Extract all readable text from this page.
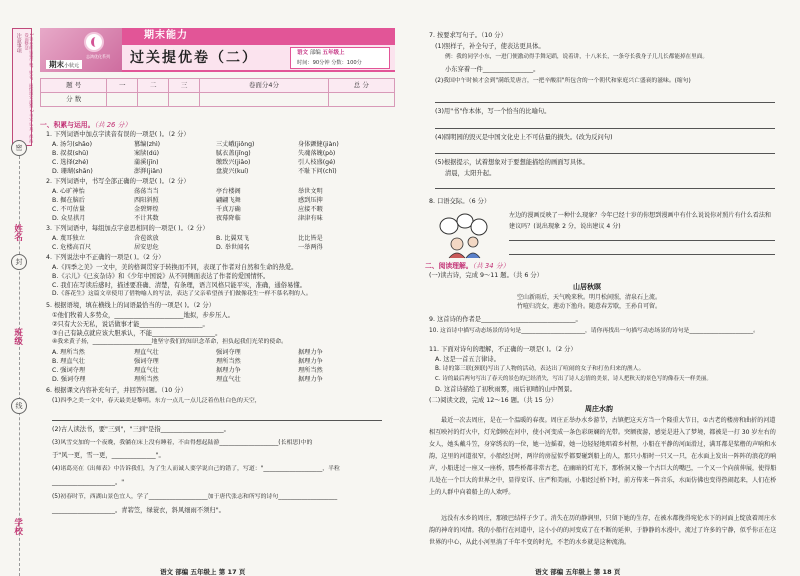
注意事项	1.答卷前请将学校、姓名、班级填写清楚 2.书写认真，保持卷面整洁
密
姓名
封
班级
线
学校
志鸿优化系列
期末能力
期末小状元	过关提优卷（二）	语文 部编 五年级上
时间：90分钟 分数：100分
题 号	一	二	三	卷面分4分	总 分
分 数					
一、积累与运用。（共 26 分）
1. 下列词语中加点字读音有误的一项是( )。（2 分）
A. 汤匀(shāo)	篡编(zhì)	三丈峨(jiǒng)	身体颤健(jiàn)
B. 叔叔(shū)	案牍(dú)	腻衣盖(jǐng)	失魂落魄(pò)
C. 选择(zhé)	蒲溪(jīn)	缴致兴(jiāo)	引人枝盛(gé)
D. 珊瑚(shān)	澎湃(jiǎn)	盘旋兴(kuí)	不耻下问(chǐ)
2. 下列词语中，书写全部正确的一项是( )。（2 分）
A. 心旷神怡	荡荡当当	亭台楼阁	举世文明
B. 掘在脑后	西阳斜照	翩翩飞舞	感到压抑
C. 不可估量	金碧辉煌	千真万确	应接不暇
D. 众星拱月	不计其数	夜幕降临	津津有味
3. 下列词语中，每组加点字意思相同的一项是( )。（2 分）
A. 蔑耳独立	含苞欲放	B. 比翼双飞	比比皆是
C. 危楼高百尺	居安思危	D. 举世闻名	一举两得
4. 下列说法中不正确的一项是( )。（2 分）
A.《四季之美》一文中，美的格调贯穿于转换而不同，表现了作者对自然和生命的热爱。
B.《示儿》《已亥杂诗》和《少年中国说》从不同侧面表达了作者的爱国情怀。
C. 我们在写读后感时，描述要准确、清楚，有条理，语言风格只能平实，准确，通俗易懂。
D.《落花生》这篇文章使用了借物喻人的写法，表达了父亲希望孩子们做像花生一样不慕名利的人。
5. 根据语境，填在横线上的词语最恰当的一项是( )。（2 分）
①他们牧着人多势众，______________________地拟，步步压人。
②只有大公无私，说话做事才能____________________。
③自己有缺点就应该大胆承认，不能____________________。
④我来黄子扬，____________________地坚守我们的知识念革命，担负起我们光荣的使命。
A. 理所当然	理直气壮	强词夺理	据理力争
B. 理直气壮	强词夺理	理所当然	据理力争
C. 强词夺理	理直气壮	据理力争	理所当然
D. 强词夺理	理所当然	理直气壮	据理力争
6. 根据课文内容补充句子，并回答问题。（10 分）
(1)四季之美一文中，春天最美是黎明。东方一点儿一点儿泛着鱼肚白色的天空，
(2)古人读法书，要"三到"，"三到"是指____________________。
(3)风雪交加的一个夜晚，我躺在床上没有睡着，不由得想起陆游____________________(长相思)中的
于"风一更，雪一更，______________"。
(4)诸葛亮在《出师表》中告诉我们，为了生人而诚人要学说自己的错了，写道："____________________，半粒
____________________。"
(5)初春时节，西湖山景色宜人，学了____________________加于唐代张志和所写的诗句____________________
____________________。青箬笠，绿蓑衣，斜风细雨不须归"。
语文 部编 五年级上 第 17 页
7. 按要求写句子。（10 分）
(1)照样子，补全句子，使表达更具体。
例：我的同学小东，一进门便激动得手舞足蹈，说着讲，十八米长，一条夸长我身子几儿长都能掉在里面。
小东穿着一件________________。
(2)我国中午时候才会到"满纸荒唐言，一把辛酸泪"所包含的一个朝代和家庭兴亡盛衰的滋味。(缩句)
(3)用"书"作本体，写一个恰当的比喻句。
(4)圆明园的毁灭是中国文化史上不可估量的损失。(改为反问句)
(5)根据提示，试着想象对于要想能描绘的画面写具体。
清晨，太阳升起。
8. 口语交际。（6 分）
左边的漫画反映了一种什么现象？今年已经十岁的你想到漫画中有什么说说你对照片有什么看法和建议吗？(说出现象 2 分，说出建议 4 分)
二、阅读理解。（共 34 分）
(一)读古诗，完成 9～11 题。（共 6 分）
山居秋暝
空山新雨后，天气晚来秋。明月松间照，清泉石上流。
竹喧归浣女，莲动下渔舟。随意春芳歇，王孙自可留。
9. 这首诗的作者是______________________________。
10. 这首诗中描写动态场景的诗句是______________________，请你再找出一句描写动态场景的诗句是______________________。
11. 下面对诗句的理解，不正确的一项是( )。（2 分）
A. 这是一首五言律诗。
B. 诗的第三联(颈联)写出了人物的活动，表达出了喧闹的女子和打鱼归来的渔人。
C. 诗的最后两句写出了春天的景色的已经消失，写出了诗人忘情的美景，诗人把秋天的景色写的像春天一样美丽。
D. 这首诗描绘了初秋雨雾，雨后初晴的山中图景。
(二)阅读文段，完成 12～16 题。（共 15 分）
周庄水韵
最近一次去周庄，是在一个温暖的春夜。周庄正举办水乡游节，古镇把这天方当一个隆重大节日，①古老的楼房和曲折的河道相互映衬的灯火中，灯光倒映在河中，使小河变成一条色彩斑斓的光带。突额夜游，感觉是进入了梦境，都被是一打 30 岁左右的女人，她头戴斗笠，身穿绣衣的一位，她一边摇着，她一边轻轻地唱着乡村俚，小船在平静的河面滑过，满耳都是桨橹的声响和水韵，这里的河道很窄，小船经过时，两岸的房屋似乎都要碰到船上的人，那只小船时一只又一只，在水面上发出一阵阵的浪花的响声，小船进过一座又一座桥，那些桥都非常古老，在幽暗的灯光下，那桥洞又像一个古巨大的嘴巴，一个又一个向前伸展，使得船儿处在一个巨大的世界之中，显得安详、庄严和美丽，小船经过桥下时，前方传来一阵音乐，水面仿佛也变得热闹起来，人们在桥上的人群中向着船上的人欢呼。
远没有水乡的周庄，那般巴结样子少了。消失在历的静润里，只留下她的生存，在被水都挽得宛伦水下的河面上绽放着周庄水韵的神奇的风情。我的小船行在河道中，这小小的的河变成了在不断的延伸，于静静的水漫中，流过了许多的宁静，似乎你正在这世界的中心，从此小河里淌了千年不变的时光，不老的水乡就是这种流淌。
语文 部编 五年级上 第 18 页
